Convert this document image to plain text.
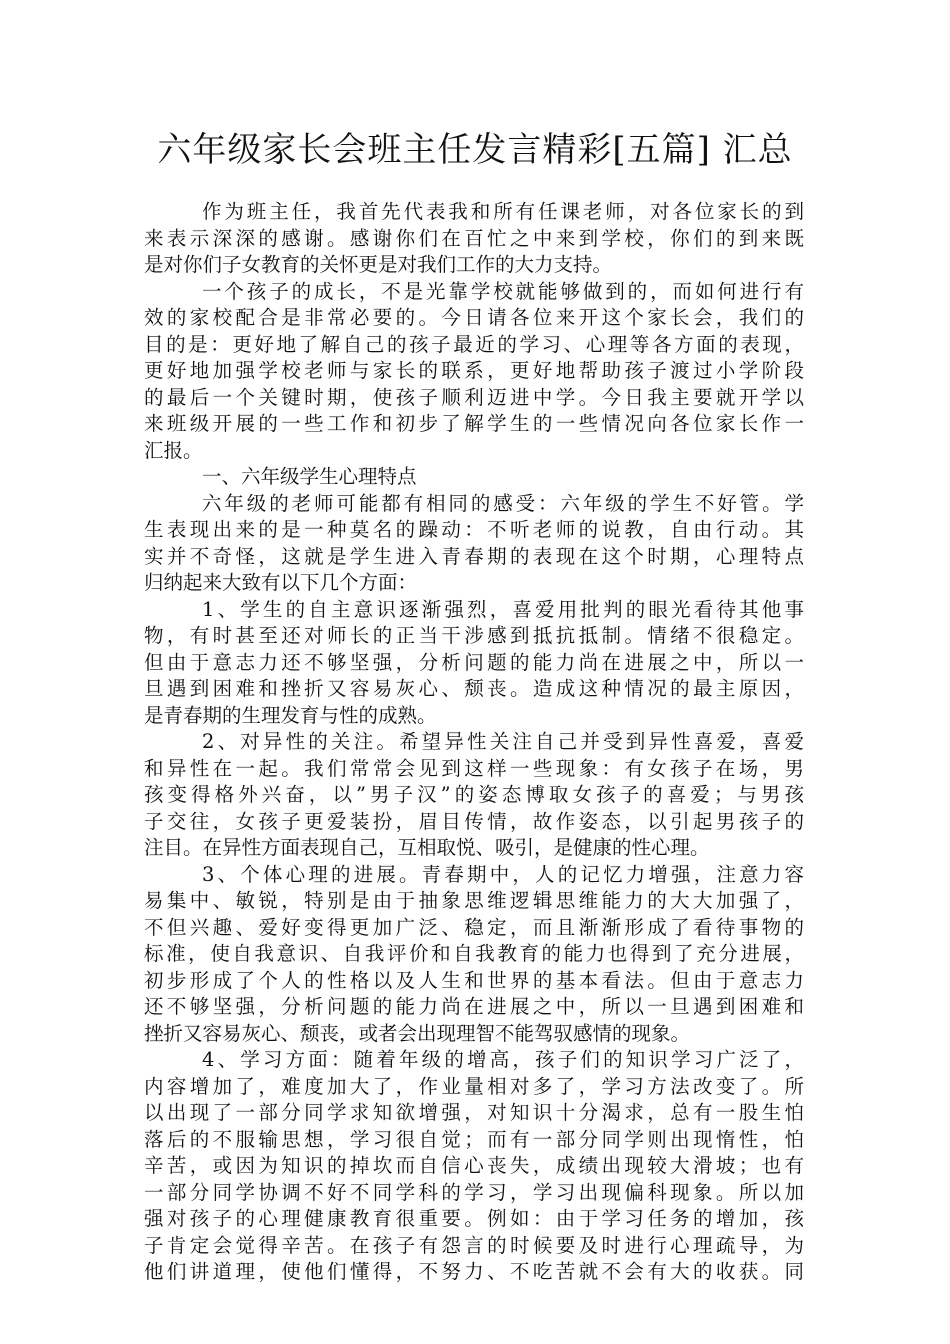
六年级家长会班主任发言精彩[五篇] 汇总
作为班主任，我首先代表我和所有任课老师，对各位家长的到
来表示深深的感谢。感谢你们在百忙之中来到学校，你们的到来既
是对你们子女教育的关怀更是对我们工作的大力支持。
一个孩子的成长，不是光靠学校就能够做到的，而如何进行有
效的家校配合是非常必要的。今日请各位来开这个家长会，我们的
目的是：更好地了解自己的孩子最近的学习、心理等各方面的表现，
更好地加强学校老师与家长的联系，更好地帮助孩子渡过小学阶段
的最后一个关键时期，使孩子顺利迈进中学。今日我主要就开学以
来班级开展的一些工作和初步了解学生的一些情况向各位家长作一
汇报。
一、六年级学生心理特点
六年级的老师可能都有相同的感受：六年级的学生不好管。学
生表现出来的是一种莫名的躁动：不听老师的说教，自由行动。其
实并不奇怪，这就是学生进入青春期的表现在这个时期，心理特点
归纳起来大致有以下几个方面：
1、学生的自主意识逐渐强烈，喜爱用批判的眼光看待其他事
物，有时甚至还对师长的正当干涉感到抵抗抵制。情绪不很稳定。
但由于意志力还不够坚强，分析问题的能力尚在进展之中，所以一
旦遇到困难和挫折又容易灰心、颓丧。造成这种情况的最主原因，
是青春期的生理发育与性的成熟。
2、对异性的关注。希望异性关注自己并受到异性喜爱，喜爱
和异性在一起。我们常常会见到这样一些现象：有女孩子在场，男
孩变得格外兴奋，以”男子汉”的姿态博取女孩子的喜爱；与男孩
子交往，女孩子更爱装扮，眉目传情，故作姿态，以引起男孩子的
注目。在异性方面表现自己，互相取悦、吸引，是健康的性心理。
3、个体心理的进展。青春期中，人的记忆力增强，注意力容
易集中、敏锐，特别是由于抽象思维逻辑思维能力的大大加强了，
不但兴趣、爱好变得更加广泛、稳定，而且渐渐形成了看待事物的
标准，使自我意识、自我评价和自我教育的能力也得到了充分进展，
初步形成了个人的性格以及人生和世界的基本看法。但由于意志力
还不够坚强，分析问题的能力尚在进展之中，所以一旦遇到困难和
挫折又容易灰心、颓丧，或者会出现理智不能驾驭感情的现象。
4、学习方面：随着年级的增高，孩子们的知识学习广泛了，
内容增加了，难度加大了，作业量相对多了，学习方法改变了。所
以出现了一部分同学求知欲增强，对知识十分渴求，总有一股生怕
落后的不服输思想，学习很自觉；而有一部分同学则出现惰性，怕
辛苦，或因为知识的掉坎而自信心丧失，成绩出现较大滑坡；也有
一部分同学协调不好不同学科的学习，学习出现偏科现象。所以加
强对孩子的心理健康教育很重要。例如：由于学习任务的增加，孩
子肯定会觉得辛苦。在孩子有怨言的时候要及时进行心理疏导，为
他们讲道理，使他们懂得，不努力、不吃苦就不会有大的收获。同
